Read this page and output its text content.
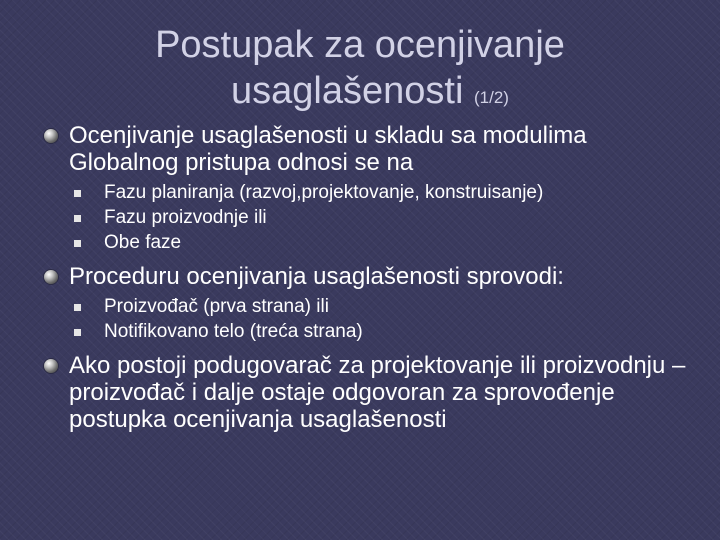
Postupak za ocenjivanje
usaglašenosti (1/2)
Ocenjivanje usaglašenosti u skladu sa modulima Globalnog pristupa odnosi se na
Fazu planiranja (razvoj,projektovanje, konstruisanje)
Fazu proizvodnje ili
Obe faze
Proceduru ocenjivanja usaglašenosti sprovodi:
Proizvođač (prva strana) ili
Notifikovano telo (treća strana)
Ako postoji podugovarač za projektovanje ili proizvodnju – proizvođač i dalje ostaje odgovoran za sprovođenje postupka ocenjivanja usaglašenosti
